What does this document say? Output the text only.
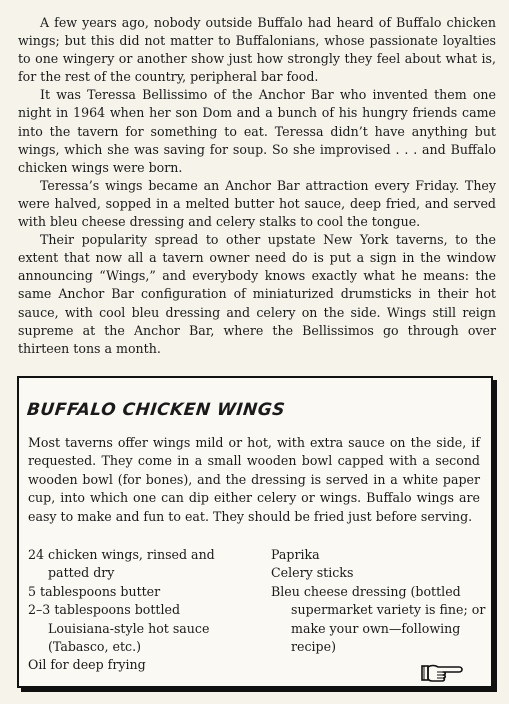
A few years ago, nobody outside Buffalo had heard of Buffalo chicken wings; but this did not matter to Buffalonians, whose passionate loyalties to one wingery or another show just how strongly they feel about what is, for the rest of the country, peripheral bar food.

It was Teressa Bellissimo of the Anchor Bar who invented them one night in 1964 when her son Dom and a bunch of his hungry friends came into the tavern for something to eat. Teressa didn’t have anything but wings, which she was saving for soup. So she improvised . . . and Buffalo chicken wings were born.

Teressa’s wings became an Anchor Bar attraction every Friday. They were halved, sopped in a melted butter hot sauce, deep fried, and served with bleu cheese dressing and celery stalks to cool the tongue.

Their popularity spread to other upstate New York taverns, to the extent that now all a tavern owner need do is put a sign in the window announcing “Wings,” and everybody knows exactly what he means: the same Anchor Bar configuration of miniaturized drumsticks in their hot sauce, with cool bleu dressing and celery on the side. Wings still reign supreme at the Anchor Bar, where the Bellissimos go through over thirteen tons a month.

BUFFALO CHICKEN WINGS

Most taverns offer wings mild or hot, with extra sauce on the side, if requested. They come in a small wooden bowl capped with a second wooden bowl (for bones), and the dressing is served in a white paper cup, into which one can dip either celery or wings. Buffalo wings are easy to make and fun to eat. They should be fried just before serving.

24 chicken wings, rinsed and patted dry
5 tablespoons butter
2–3 tablespoons bottled Louisiana-style hot sauce (Tabasco, etc.)
Oil for deep frying
Paprika
Celery sticks
Bleu cheese dressing (bottled supermarket variety is fine; or make your own—following recipe)
